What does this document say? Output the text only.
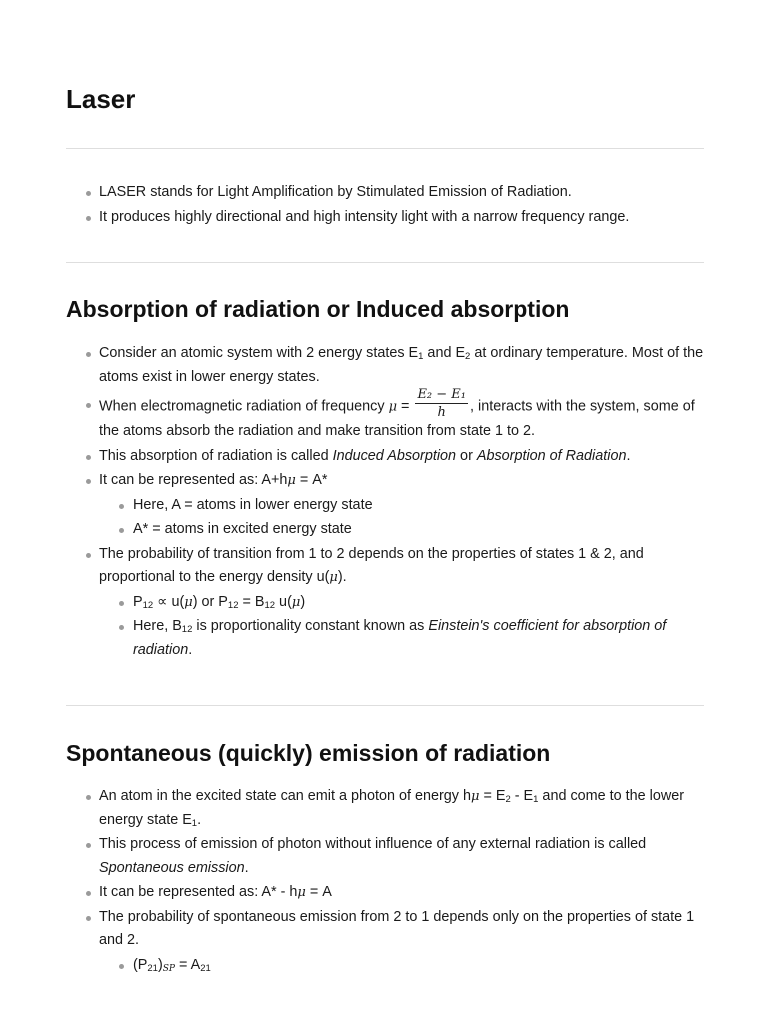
Laser
LASER stands for Light Amplification by Stimulated Emission of Radiation.
It produces highly directional and high intensity light with a narrow frequency range.
Absorption of radiation or Induced absorption
Consider an atomic system with 2 energy states $E_1$ and $E_2$ at ordinary temperature. Most of the atoms exist in lower energy states.
When electromagnetic radiation of frequency $\mu = \frac{\text{E₂ − E₁}}{h}$ , interacts with the system, some of the atoms absorb the radiation and make transition from state 1 to 2.
This absorption of radiation is called Induced Absorption or Absorption of Radiation.
It can be represented as: A+hμ = A*
Here, A = atoms in lower energy state
A* = atoms in excited energy state
The probability of transition from 1 to 2 depends on the properties of states 1 & 2, and proportional to the energy density u(μ).
$P_{12} \propto u(\mu)$ or $P_{12} = B_{12}$ u(μ)
Here, $B_{12}$ is proportionality constant known as Einstein's coefficient for absorption of radiation.
Spontaneous (quickly) emission of radiation
An atom in the excited state can emit a photon of energy $h\mu = E_2 - E_1$ and come to the lower energy state $E_1$.
This process of emission of photon without influence of any external radiation is called Spontaneous emission.
It can be represented as: A* - hμ = A
The probability of spontaneous emission from 2 to 1 depends only on the properties of state 1 and 2.
$(P_{21})_{SP} = A_{21}$
